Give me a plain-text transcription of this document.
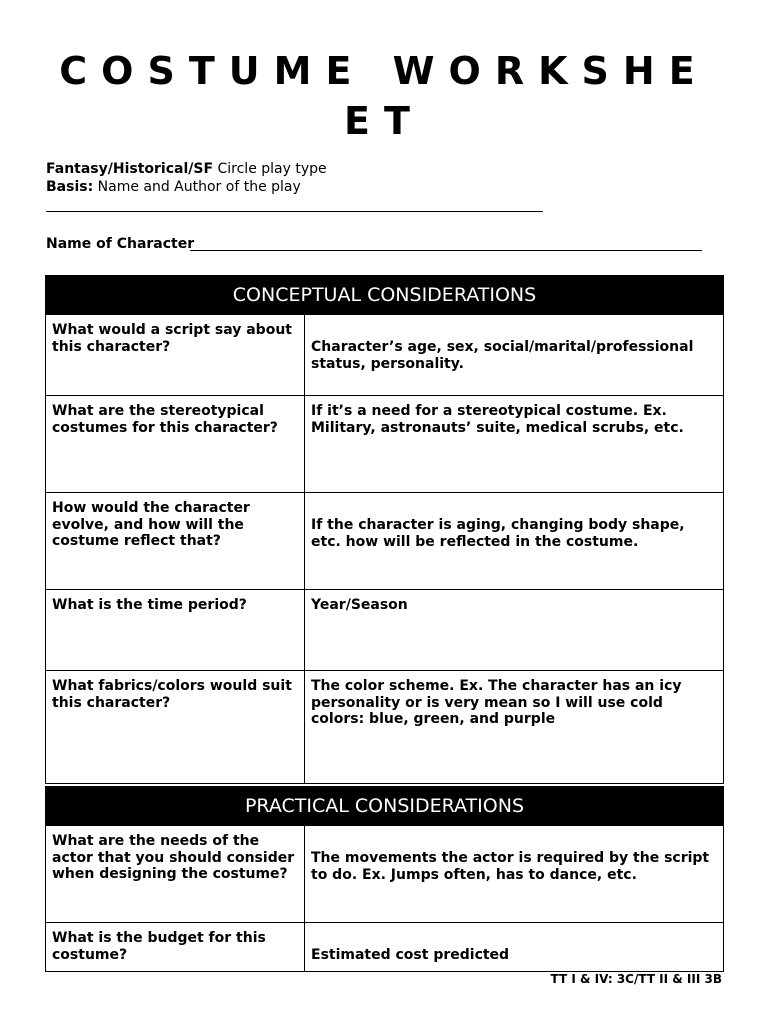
COSTUME WORKSHEET
Fantasy/Historical/SF Circle play type
Basis: Name and Author of the play
Name of Character
CONCEPTUAL CONSIDERATIONS	
What would a script say about this character?	Character’s age, sex, social/marital/professional status, personality.
What are the stereotypical costumes for this character?	If it’s a need for a stereotypical costume. Ex. Military, astronauts’ suite, medical scrubs, etc.
How would the character evolve, and how will the costume reflect that?	If the character is aging, changing body shape, etc. how will be reflected in the costume.
What is the time period?	Year/Season
What fabrics/colors would suit this character?	The color scheme. Ex. The character has an icy personality or is very mean so I will use cold colors: blue, green, and purple
PRACTICAL CONSIDERATIONS	
What are the needs of the actor that you should consider when designing the costume?	The movements the actor is required by the script to do. Ex. Jumps often, has to dance, etc.
What is the budget for this costume?	Estimated cost predicted
TT I & IV: 3C/TT II & III 3B
